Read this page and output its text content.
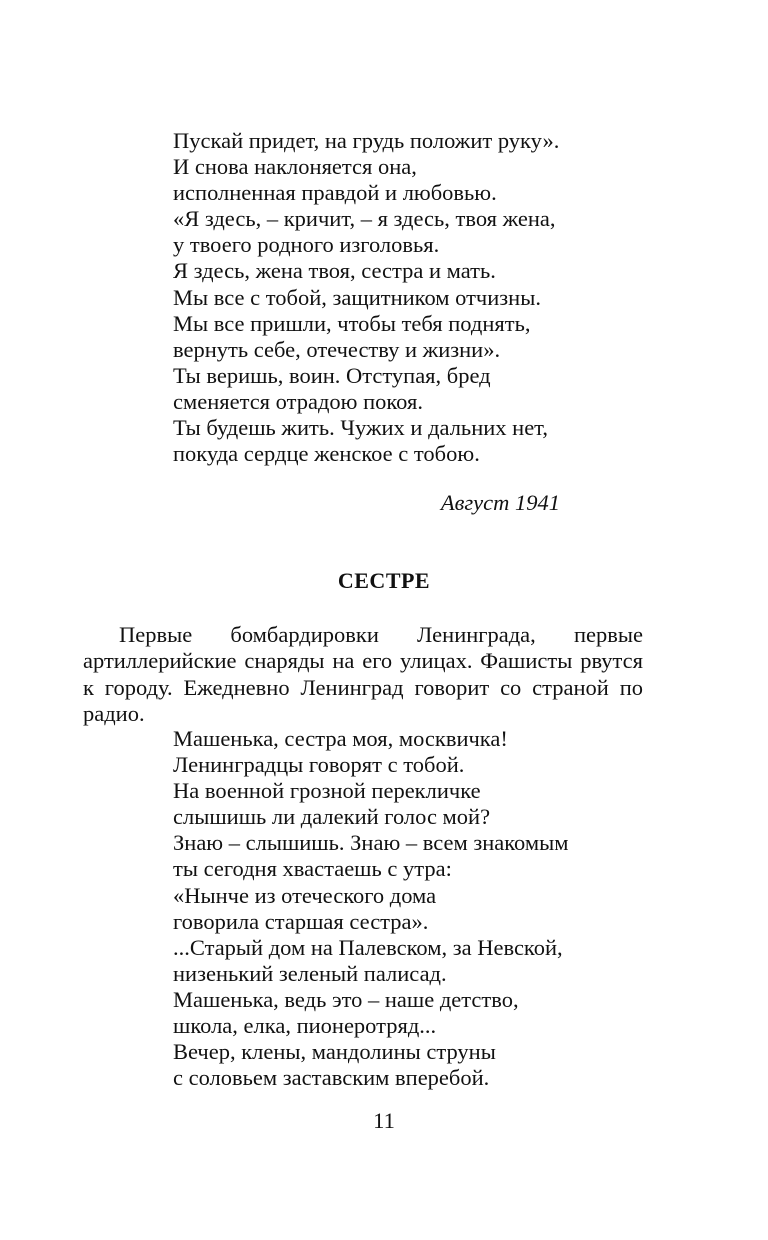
Пускай придет, на грудь положит руку».
И снова наклоняется она,
исполненная правдой и любовью.
«Я здесь, – кричит, – я здесь, твоя жена,
у твоего родного изголовья.
Я здесь, жена твоя, сестра и мать.
Мы все с тобой, защитником отчизны.
Мы все пришли, чтобы тебя поднять,
вернуть себе, отечеству и жизни».
Ты веришь, воин. Отступая, бред
сменяется отрадою покоя.
Ты будешь жить. Чужих и дальних нет,
покуда сердце женское с тобою.
Август 1941
СЕСТРЕ

Первые бомбардировки Ленинграда, первые артиллерийские снаряды на его улицах. Фашисты рвутся к городу. Ежедневно Ленинград говорит со страной по радио.

Машенька, сестра моя, москвичка!
Ленинградцы говорят с тобой.
На военной грозной перекличке
слышишь ли далекий голос мой?
Знаю – слышишь. Знаю – всем знакомым
ты сегодня хвастаешь с утра:
«Нынче из отеческого дома
говорила старшая сестра».
...Старый дом на Палевском, за Невской,
низенький зеленый палисад.
Машенька, ведь это – наше детство,
школа, елка, пионеротряд...
Вечер, клены, мандолины струны
с соловьем заставским вперебой.
11
